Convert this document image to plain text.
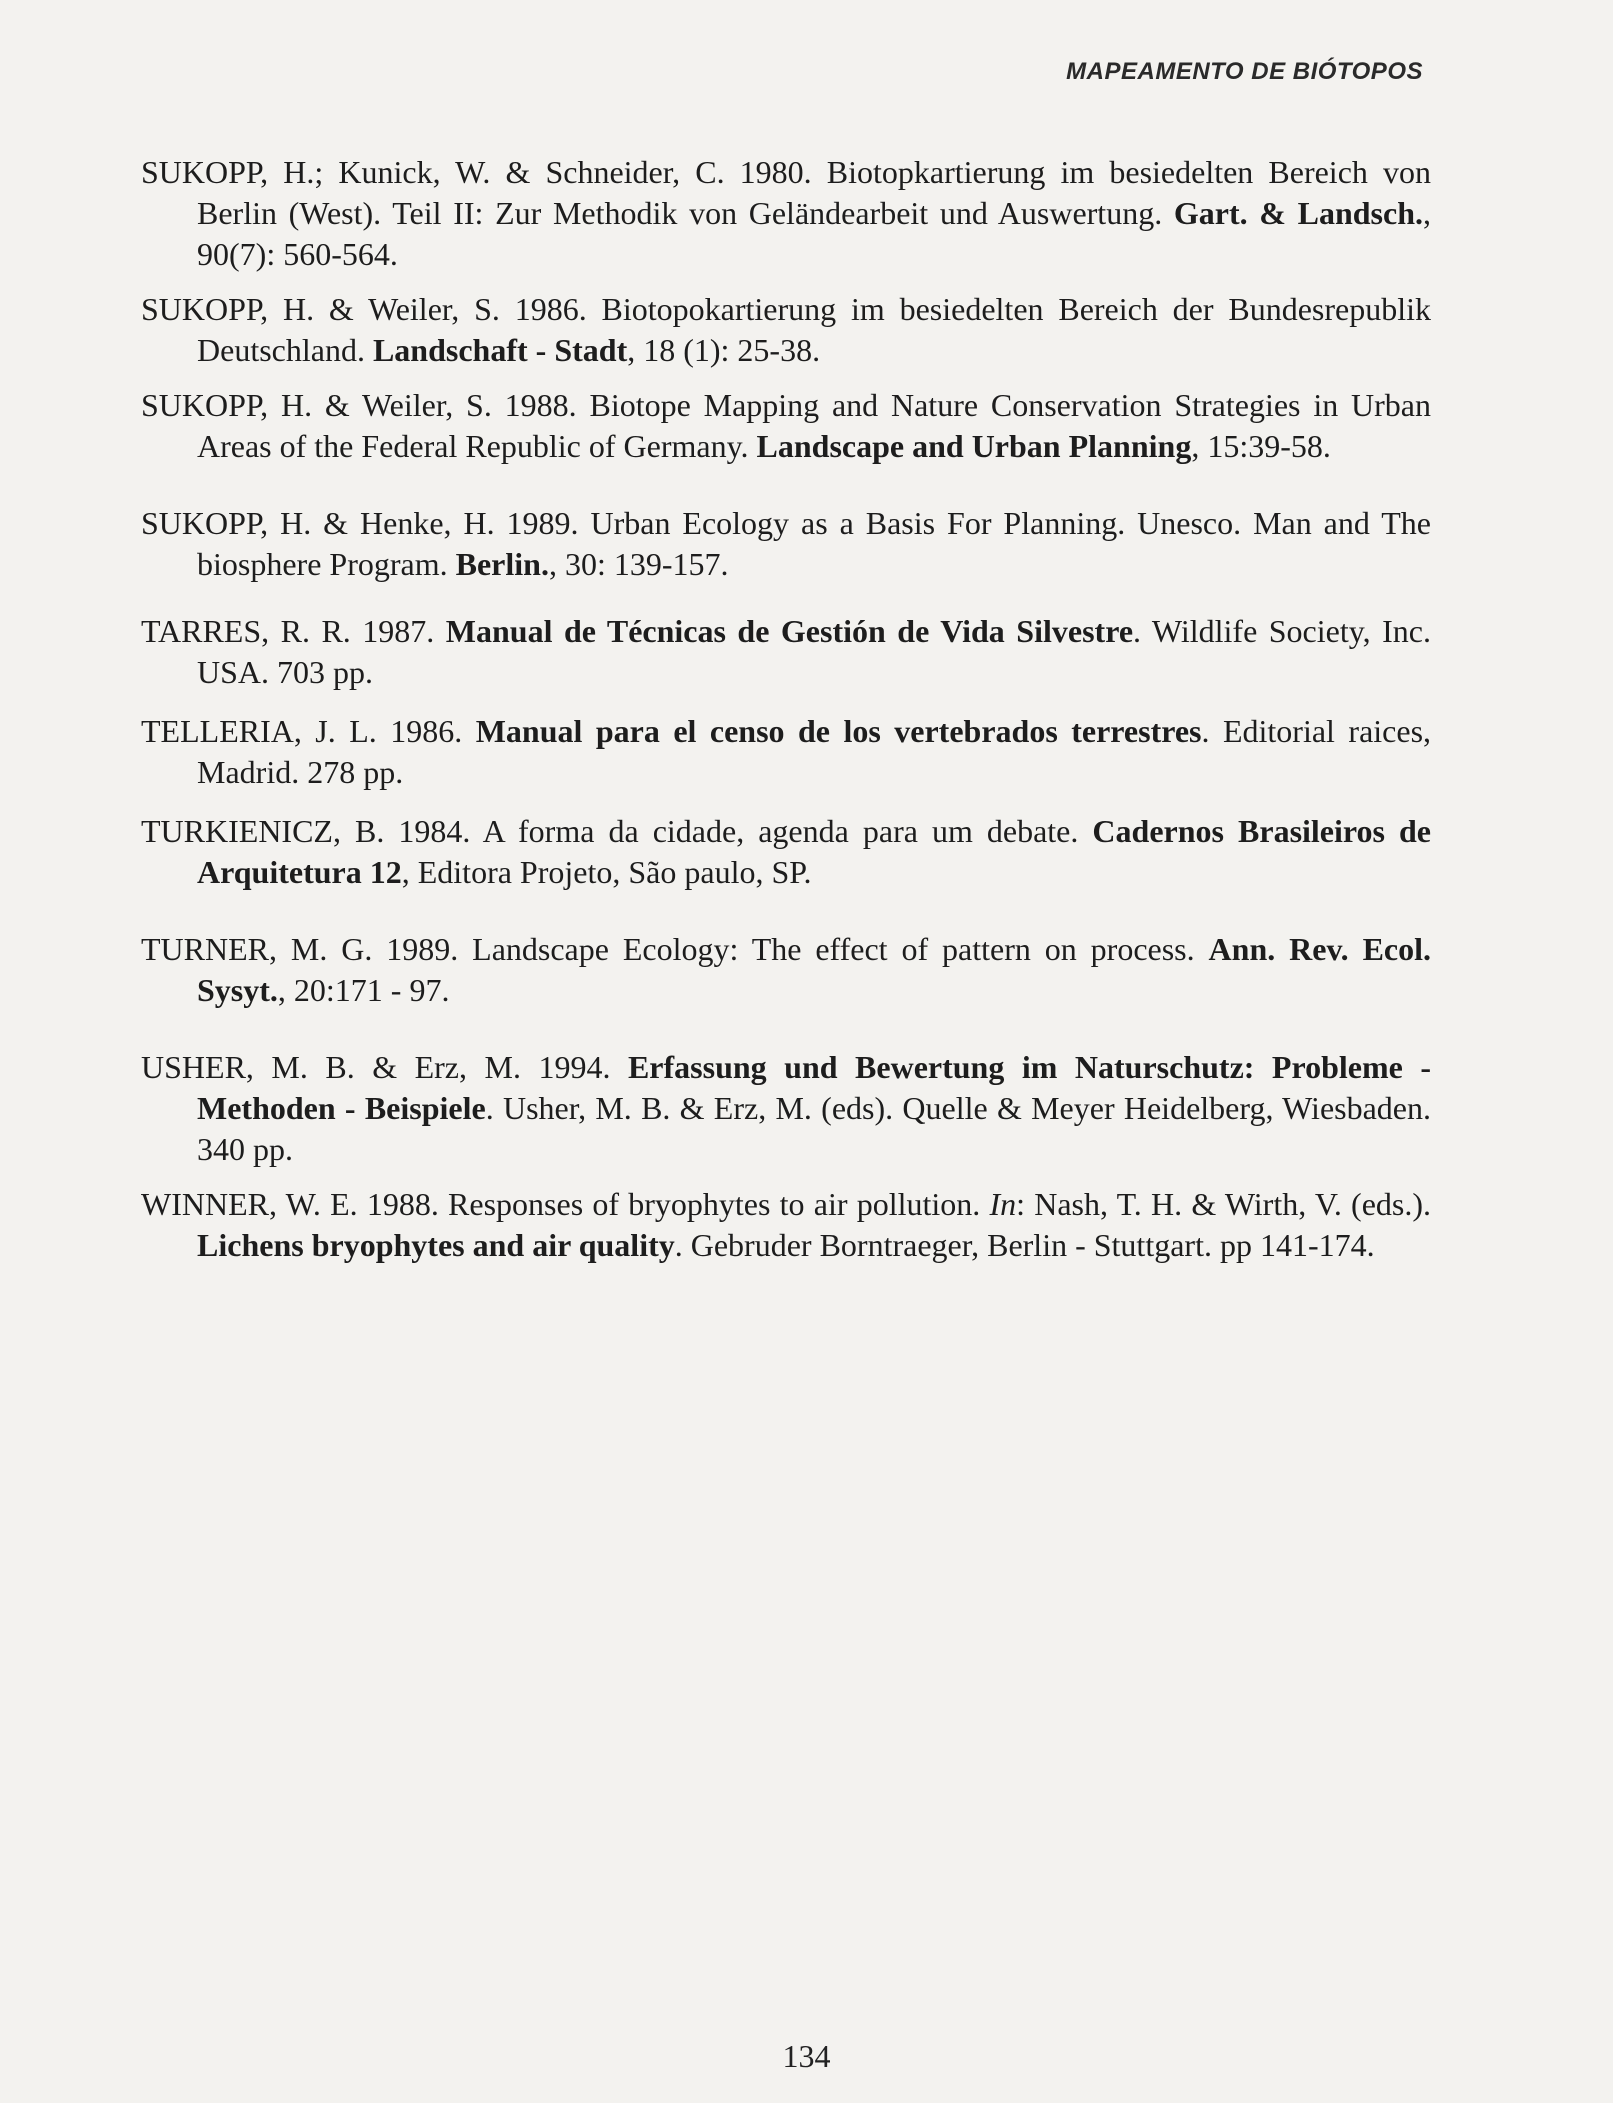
MAPEAMENTO DE BIÓTOPOS

SUKOPP, H.; Kunick, W. & Schneider, C. 1980. Biotopkartierung im besiedelten Bereich von Berlin (West). Teil II: Zur Methodik von Geländearbeit und Auswertung. Gart. & Landsch., 90(7): 560-564.

SUKOPP, H. & Weiler, S. 1986. Biotopokartierung im besiedelten Bereich der Bundesrepublik Deutschland. Landschaft - Stadt, 18 (1): 25-38.

SUKOPP, H. & Weiler, S. 1988. Biotope Mapping and Nature Conservation Strategies in Urban Areas of the Federal Republic of Germany. Landscape and Urban Planning, 15:39-58.

SUKOPP, H. & Henke, H. 1989. Urban Ecology as a Basis For Planning. Unesco. Man and The biosphere Program. Berlin., 30: 139-157.

TARRES, R. R. 1987. Manual de Técnicas de Gestión de Vida Silvestre. Wildlife Society, Inc. USA. 703 pp.

TELLERIA, J. L. 1986. Manual para el censo de los vertebrados terrestres. Editorial raices, Madrid. 278 pp.

TURKIENICZ, B. 1984. A forma da cidade, agenda para um debate. Cadernos Brasileiros de Arquitetura 12, Editora Projeto, São paulo, SP.

TURNER, M. G. 1989. Landscape Ecology: The effect of pattern on process. Ann. Rev. Ecol. Sysyt., 20:171 - 97.

USHER, M. B. & Erz, M. 1994. Erfassung und Bewertung im Naturschutz: Probleme - Methoden - Beispiele. Usher, M. B. & Erz, M. (eds). Quelle & Meyer Heidelberg, Wiesbaden. 340 pp.

WINNER, W. E. 1988. Responses of bryophytes to air pollution. In: Nash, T. H. & Wirth, V. (eds.). Lichens bryophytes and air quality. Gebruder Borntraeger, Berlin - Stuttgart. pp 141-174.

134
